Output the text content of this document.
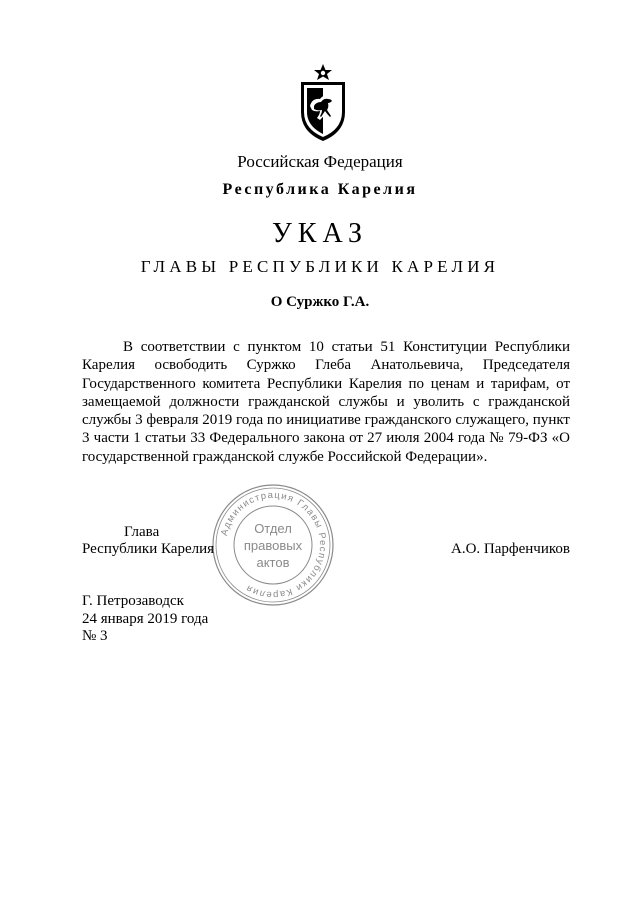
Российская Федерация
Республика Карелия
УКАЗ
ГЛАВЫ РЕСПУБЛИКИ КАРЕЛИЯ
О Суржко Г.А.
В соответствии с пунктом 10 статьи 51 Конституции Республики Карелия освободить Суржко Глеба Анатольевича, Председателя Государственного комитета Республики Карелия по ценам и тарифам, от замещаемой должности гражданской службы и уволить с гражданской службы 3 февраля 2019 года по инициативе гражданского служащего, пункт 3 части 1 статьи 33 Федерального закона от 27 июля 2004 года № 79-ФЗ «О государственной гражданской службе Российской Федерации».
Администрация Главы Республики Карелия
Отдел
правовых
актов
Глава
Республики Карелия	А.О. Парфенчиков
Г. Петрозаводск
24 января 2019 года
№ 3
